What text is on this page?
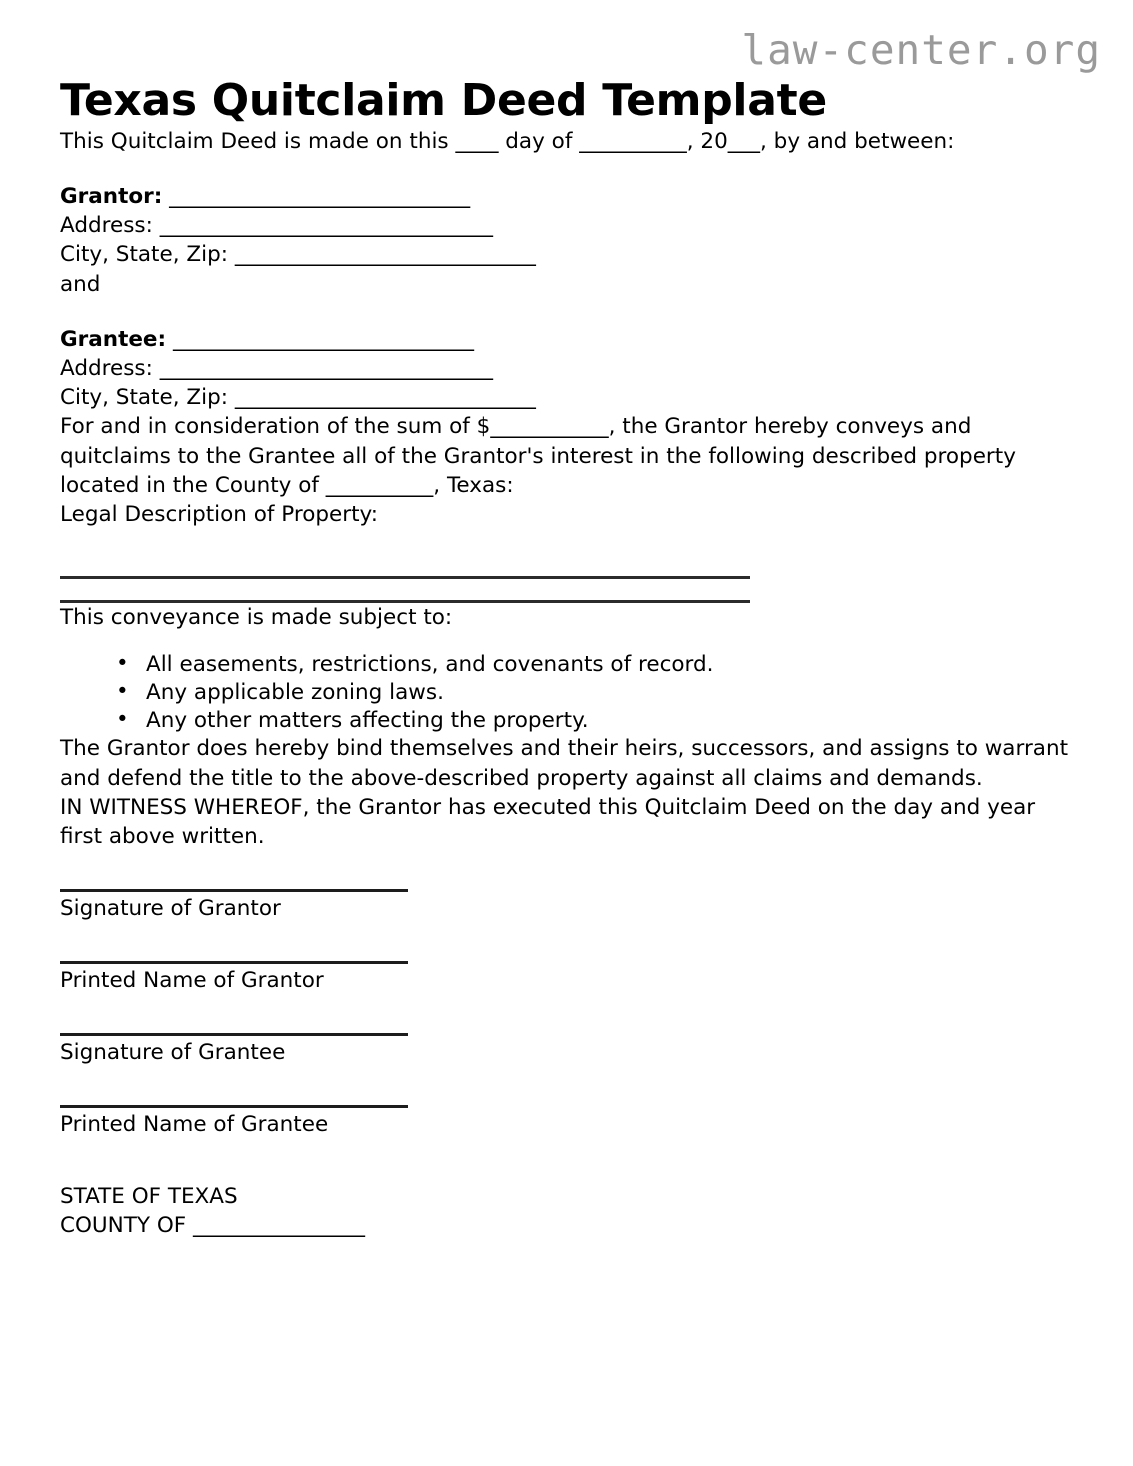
law-center.org
Texas Quitclaim Deed Template

This Quitclaim Deed is made on this ____ day of __________, 20___, by and between:

Grantor: ____________________________

Address: _______________________________

City, State, Zip: ____________________________

and

Grantee: ____________________________

Address: _______________________________

City, State, Zip: ____________________________

For and in consideration of the sum of $___________, the Grantor hereby conveys and quitclaims to the Grantee all of the Grantor's interest in the following described property located in the County of __________, Texas:

Legal Description of Property:

This conveyance is made subject to:

• All easements, restrictions, and covenants of record.
• Any applicable zoning laws.
• Any other matters affecting the property.

The Grantor does hereby bind themselves and their heirs, successors, and assigns to warrant and defend the title to the above-described property against all claims and demands.

IN WITNESS WHEREOF, the Grantor has executed this Quitclaim Deed on the day and year first above written.

Signature of Grantor

Printed Name of Grantor

Signature of Grantee

Printed Name of Grantee

STATE OF TEXAS

COUNTY OF ________________
